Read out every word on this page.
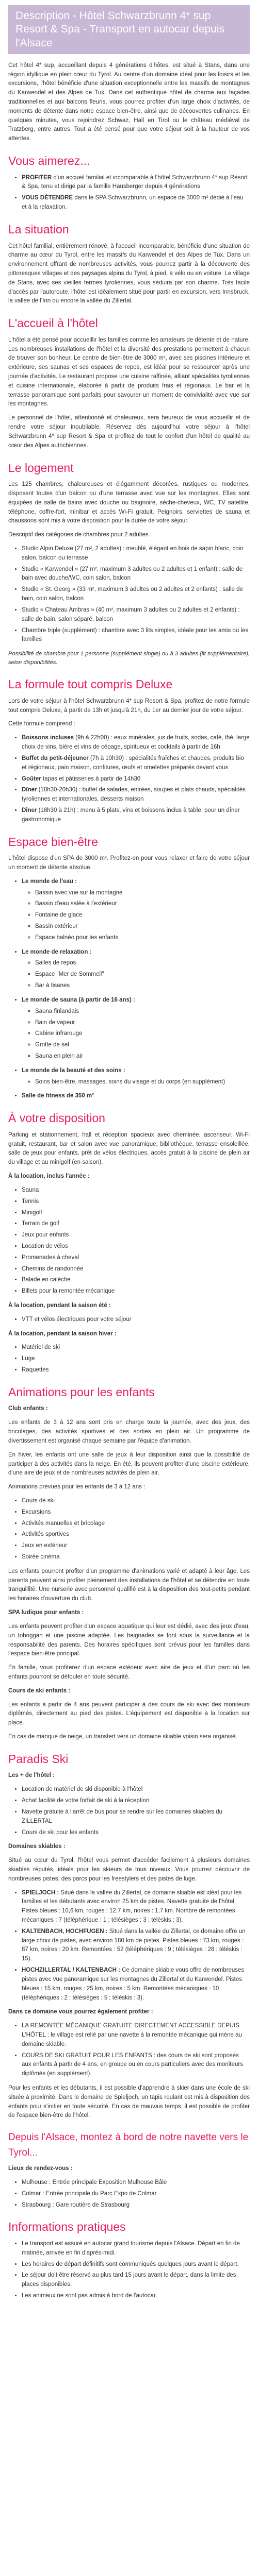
Description - Hôtel Schwarzbrunn 4* sup Resort & Spa - Transport en autocar depuis l'Alsace

Cet hôtel 4* sup, accueillant depuis 4 générations d'hôtes, est situé à Stans, dans une région idyllique en plein cœur du Tyrol. Au centre d'un domaine idéal pour les loisirs et les excursions, l'hôtel bénéficie d'une situation exceptionnelle entre les massifs de montagnes du Karwendel et des Alpes de Tux. Dans cet authentique hôtel de charme aux façades traditionnelles et aux balcons fleuris, vous pourrez profiter d'un large choix d'activités, de moments de détente dans notre espace bien-être, ainsi que de découvertes culinaires. En quelques minutes, vous rejoindrez Schwaz, Hall en Tirol ou le château médiéval de Tratzberg, entre autres. Tout a été pensé pour que votre séjour soit à la hauteur de vos attentes.

Vous aimerez...
• PROFITER d'un accueil familial et incomparable à l'hôtel Schwarzbrunn 4* sup Resort & Spa, tenu et dirigé par la famille Hausberger depuis 4 générations.
• VOUS DÉTENDRE dans le SPA Schwarzbrunn, un espace de 3000 m² dédié à l'eau et à la relaxation.
La situation

Cet hôtel familial, entièrement rénové, à l'accueil incomparable, bénéficie d'une situation de charme au cœur du Tyrol, entre les massifs du Karwendel et des Alpes de Tux. Dans un environnement offrant de nombreuses activités, vous pourrez partir à la découverte des pittoresques villages et des paysages alpins du Tyrol, à pied, à vélo ou en voiture. Le village de Stans, avec ses vieilles fermes tyroliennes, vous séduira par son charme. Très facile d'accès par l'autoroute, l'hôtel est idéalement situé pour partir en excursion, vers Innsbruck, la vallée de l'Inn ou encore la vallée du Zillertal.

L'accueil à l'hôtel

L'hôtel a été pensé pour accueillir les familles comme les amateurs de détente et de nature. Les nombreuses installations de l'hôtel et la diversité des prestations permettent à chacun de trouver son bonheur. Le centre de bien-être de 3000 m², avec ses piscines intérieure et extérieure, ses saunas et ses espaces de repos, est idéal pour se ressourcer après une journée d'activités. Le restaurant propose une cuisine raffinée, alliant spécialités tyroliennes et cuisine internationale, élaborée à partir de produits frais et régionaux. Le bar et la terrasse panoramique sont parfaits pour savourer un moment de convivialité avec vue sur les montagnes.

Le personnel de l'hôtel, attentionné et chaleureux, sera heureux de vous accueillir et de rendre votre séjour inoubliable. Réservez dès aujourd'hui votre séjour à l'hôtel Schwarzbrunn 4* sup Resort & Spa et profitez de tout le confort d'un hôtel de qualité au cœur des Alpes autrichiennes.

Le logement

Les 125 chambres, chaleureuses et élégamment décorées, rustiques ou modernes, disposent toutes d'un balcon ou d'une terrasse avec vue sur les montagnes. Elles sont équipées de salle de bains avec douche ou baignoire, sèche-cheveux, WC, TV satellite, téléphone, coffre-fort, minibar et accès Wi-Fi gratuit. Peignoirs, serviettes de sauna et chaussons sont mis à votre disposition pour la durée de votre séjour.

Descriptif des catégories de chambres pour 2 adultes :

• Studio Alpin Deluxe (27 m², 2 adultes) : meublé, élégant en bois de sapin blanc, coin salon, balcon ou terrasse
• Studio « Karwendel » (27 m², maximum 3 adultes ou 2 adultes et 1 enfant) : salle de bain avec douche/WC, coin salon, balcon
• Studio « St. Georg » (33 m², maximum 3 adultes ou 2 adultes et 2 enfants) : salle de bain, coin salon, balcon
• Studio « Chateau Ambras » (40 m², maximum 3 adultes ou 2 adultes et 2 enfants) : salle de bain, salon séparé, balcon
• Chambre triple (supplément) : chambre avec 3 lits simples, idéale pour les amis ou les familles

Possibilité de chambre pour 1 personne (supplément single) ou à 3 adultes (lit supplémentaire), selon disponibilités.

La formule tout compris Deluxe

Lors de votre séjour à l'hôtel Schwarzbrunn 4* sup Resort & Spa, profitez de notre formule tout compris Deluxe, à partir de 13h et jusqu'à 21h, du 1er au dernier jour de votre séjour.

Cette formule comprend :

• Boissons incluses (9h à 22h00) : eaux minérales, jus de fruits, sodas, café, thé, large choix de vins, bière et vins de cépage, spiritueux et cocktails à partir de 16h
• Buffet du petit-déjeuner (7h à 10h30) : spécialités fraîches et chaudes, produits bio et régionaux, pain maison, confitures, œufs et omelettes préparés devant vous
• Goûter tapas et pâtisseries à partir de 14h30
• Dîner (18h30-20h30) : buffet de salades, entrées, soupes et plats chauds, spécialités tyroliennes et internationales, desserts maison
• Dîner (18h30 à 21h) : menu à 5 plats, vins et boissons inclus à table, pour un dîner gastronomique
Espace bien-être

L'hôtel dispose d'un SPA de 3000 m². Profitez-en pour vous relaxer et faire de votre séjour un moment de détente absolue.

• Le monde de l'eau :
◦ Bassin avec vue sur la montagne
◦ Bassin d'eau salée à l'extérieur
◦ Fontaine de glace
◦ Bassin extérieur
◦ Espace balnéo pour les enfants
• Le monde de relaxation :
◦ Salles de repos
◦ Espace "Mer de Sommeil"
◦ Bar à tisanes
• Le monde de sauna (à partir de 16 ans) :
◦ Sauna finlandais
◦ Bain de vapeur
◦ Cabine infrarouge
◦ Grotte de sel
◦ Sauna en plein air
• Le monde de la beauté et des soins :
◦ Soins bien-être, massages, soins du visage et du corps (en supplément)
• Salle de fitness de 350 m²
À votre disposition

Parking et stationnement, hall et réception spacieux avec cheminée, ascenseur, Wi-Fi gratuit, restaurant, bar et salon avec vue panoramique, bibliothèque, terrasse ensoleillée, salle de jeux pour enfants, prêt de vélos électriques, accès gratuit à la piscine de plein air du village et au minigolf (en saison).

À la location, inclus l'année :

• Sauna
• Tennis
• Minigolf
• Terrain de golf
• Jeux pour enfants
• Location de vélos
• Promenades à cheval
• Chemins de randonnée
• Balade en calèche
• Billets pour la remontée mécanique

À la location, pendant la saison été :

• VTT et vélos électriques pour votre séjour

À la location, pendant la saison hiver :

• Matériel de ski
• Luge
• Raquettes
Animations pour les enfants

Club enfants :

Les enfants de 3 à 12 ans sont pris en charge toute la journée, avec des jeux, des bricolages, des activités sportives et des sorties en plein air. Un programme de divertissement est organisé chaque semaine par l'équipe d'animation.

En hiver, les enfants ont une salle de jeux à leur disposition ainsi que la possibilité de participer à des activités dans la neige. En été, ils peuvent profiter d'une piscine extérieure, d'une aire de jeux et de nombreuses activités de plein air.

Animations prévues pour les enfants de 3 à 12 ans :

• Cours de ski
• Excursions
• Activités manuelles et bricolage
• Activités sportives
• Jeux en extérieur
• Soirée cinéma

Les enfants pourront profiter d'un programme d'animations varié et adapté à leur âge. Les parents peuvent ainsi profiter pleinement des installations de l'hôtel et se détendre en toute tranquillité. Une nurserie avec personnel qualifié est à la disposition des tout-petits pendant les horaires d'ouverture du club.

SPA ludique pour enfants :

Les enfants peuvent profiter d'un espace aquatique qui leur est dédié, avec des jeux d'eau, un toboggan et une piscine adaptée. Les baignades se font sous la surveillance et la responsabilité des parents. Des horaires spécifiques sont prévus pour les familles dans l'espace bien-être principal.

En famille, vous profiterez d'un espace extérieur avec aire de jeux et d'un parc où les enfants pourront se défouler en toute sécurité.

Cours de ski enfants :

Les enfants à partir de 4 ans peuvent participer à des cours de ski avec des moniteurs diplômés, directement au pied des pistes. L'équipement est disponible à la location sur place.

En cas de manque de neige, un transfert vers un domaine skiable voisin sera organisé.

Paradis Ski

Les + de l'hôtel :

• Location de matériel de ski disponible à l'hôtel
• Achat facilité de votre forfait de ski à la réception
• Navette gratuite à l'arrêt de bus pour se rendre sur les domaines skiables du ZILLERTAL
• Cours de ski pour les enfants

Domaines skiables :

Situé au cœur du Tyrol, l'hôtel vous permet d'accéder facilement à plusieurs domaines skiables réputés, idéals pour les skieurs de tous niveaux. Vous pourrez découvrir de nombreuses pistes, des parcs pour les freestylers et des pistes de luge.

• SPIELJOCH : Situé dans la vallée du Zillertal, ce domaine skiable est idéal pour les familles et les débutants avec environ 25 km de pistes. Navette gratuite de l'hôtel. Pistes bleues : 10,6 km, rouges : 12,7 km, noires : 1,7 km. Nombre de remontées mécaniques : 7 (téléphérique : 1 ; télésièges : 3 ; téléskis : 3).
• KALTENBACH, HOCHFUGEN : Situé dans la vallée du Zillertal, ce domaine offre un large choix de pistes, avec environ 180 km de pistes. Pistes bleues : 73 km, rouges : 87 km, noires : 20 km. Remontées : 52 (téléphériques : 9 ; télésièges : 28 ; téléskis : 15).
• HOCHZILLERTAL / KALTENBACH : Ce domaine skiable vous offre de nombreuses pistes avec vue panoramique sur les montagnes du Zillertal et du Karwendel. Pistes bleues : 15 km, rouges : 25 km, noires : 5 km. Remontées mécaniques : 10 (téléphériques : 2 ; télésièges : 5 ; téléskis : 3).

Dans ce domaine vous pourrez également profiter :

• LA REMONTÉE MÉCANIQUE GRATUITE DIRECTEMENT ACCESSIBLE DEPUIS L'HÔTEL : le village est relié par une navette à la remontée mécanique qui mène au domaine skiable.
• COURS DE SKI GRATUIT POUR LES ENFANTS : des cours de ski sont proposés aux enfants à partir de 4 ans, en groupe ou en cours particuliers avec des moniteurs diplômés (en supplément).

Pour les enfants et les débutants, il est possible d'apprendre à skier dans une école de ski située à proximité. Dans le domaine de Spieljoch, un tapis roulant est mis à disposition des enfants pour s'initier en toute sécurité. En cas de mauvais temps, il est possible de profiter de l'espace bien-être de l'hôtel.

Depuis l'Alsace, montez à bord de notre navette vers le Tyrol...

Lieux de rendez-vous :

• Mulhouse : Entrée principale Exposition Mulhouse Bâle
• Colmar : Entrée principale du Parc Expo de Colmar
• Strasbourg : Gare routière de Strasbourg
Informations pratiques
• Le transport est assuré en autocar grand tourisme depuis l'Alsace. Départ en fin de matinée, arrivée en fin d'après-midi.
• Les horaires de départ définitifs sont communiqués quelques jours avant le départ.
• Le séjour doit être réservé au plus tard 15 jours avant le départ, dans la limite des places disponibles.
• Les animaux ne sont pas admis à bord de l'autocar.
